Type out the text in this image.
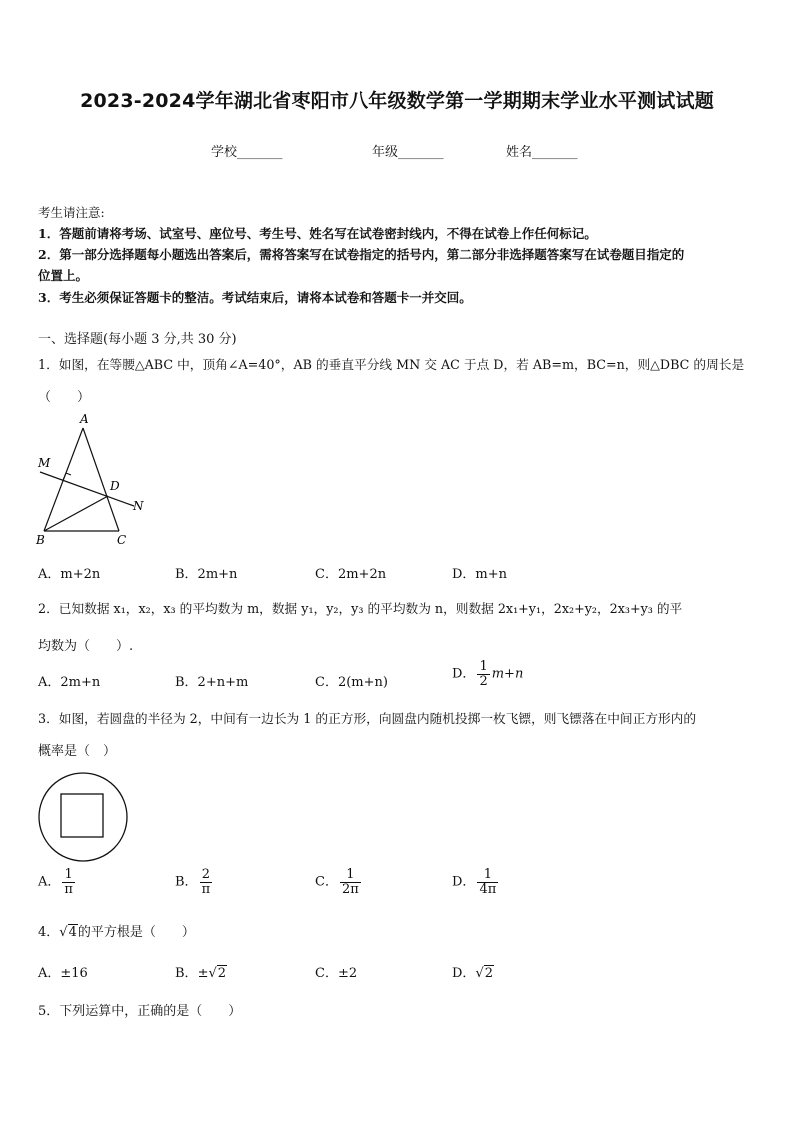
2023-2024学年湖北省枣阳市八年级数学第一学期期末学业水平测试试题
学校_______	年级_______	姓名_______
考生请注意:
1．答题前请将考场、试室号、座位号、考生号、姓名写在试卷密封线内，不得在试卷上作任何标记。
2．第一部分选择题每小题选出答案后，需将答案写在试卷指定的括号内，第二部分非选择题答案写在试卷题目指定的
位置上。
3．考生必须保证答题卡的整洁。考试结束后，请将本试卷和答题卡一并交回。
一、选择题(每小题 3 分,共 30 分)
1．如图，在等腰△ABC 中，顶角∠A=40°，AB 的垂直平分线 MN 交 AC 于点 D，若 AB=m，BC=n，则△DBC 的周长是
（　　）
A
M
D
N
B	C
A．m+2n	B．2m+n	C．2m+2n	D．m+n
2．已知数据 x₁，x₂，x₃ 的平均数为 m，数据 y₁，y₂，y₃ 的平均数为 n，则数据 2x₁+y₁，2x₂+y₂，2x₃+y₃ 的平
均数为（　　）.
A．2m+n	B．2+n+m	C．2(m+n)
D． $\frac{1}{2} m+n$
3．如图，若圆盘的半径为 2，中间有一边长为 1 的正方形，向圆盘内随机投掷一枚飞镖，则飞镖落在中间正方形内的
概率是（　）
A． $\frac{1}{\pi}$	B． $\frac{2}{\pi}$	C． $\frac{1}{2\pi}$	D． $\frac{1}{4\pi}$
4．√4的平方根是（　　）
A．±16	B．±√2	C．±2	D．√2
5．下列运算中，正确的是（　　）
